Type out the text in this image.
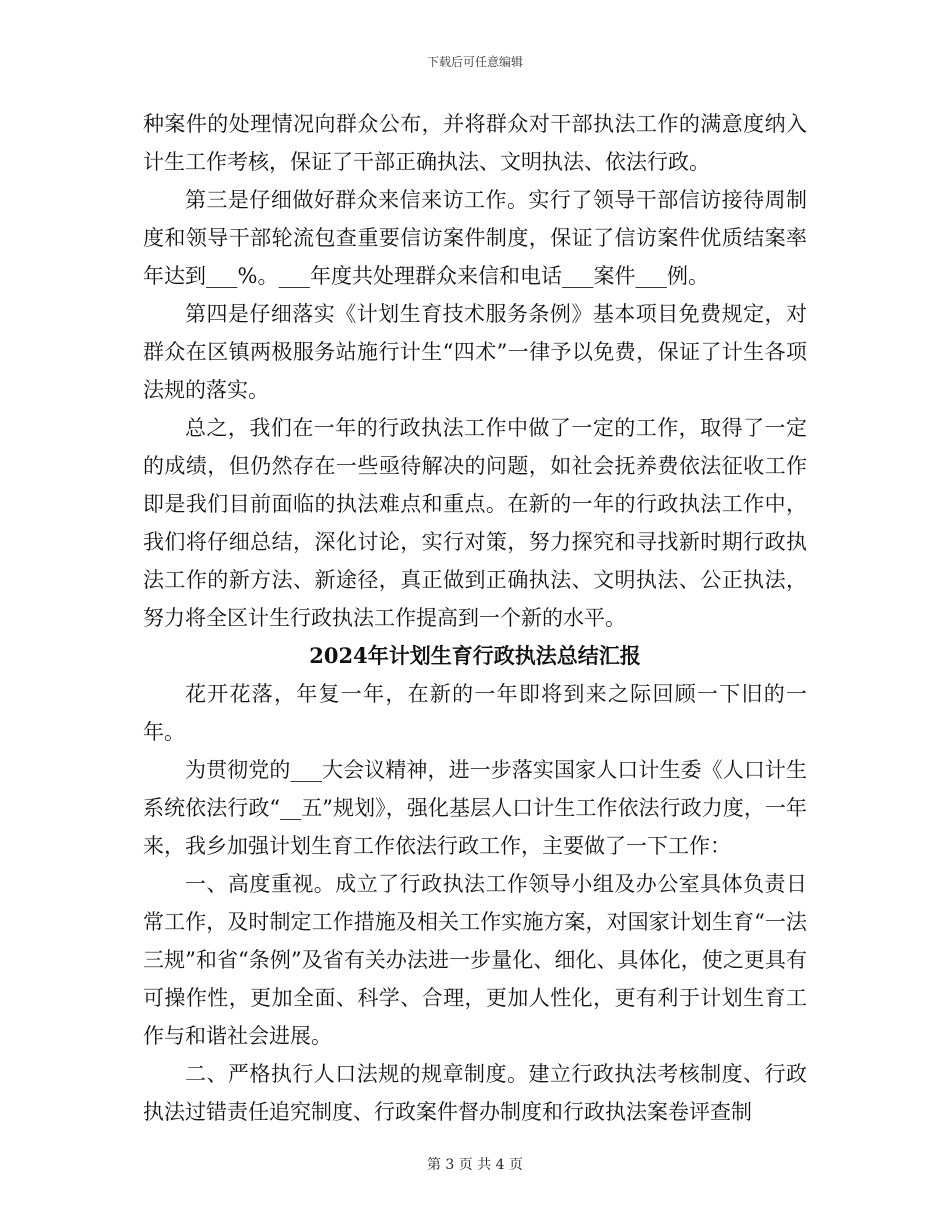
下载后可任意编辑

种案件的处理情况向群众公布，并将群众对干部执法工作的满意度纳入计生工作考核，保证了干部正确执法、文明执法、依法行政。

第三是仔细做好群众来信来访工作。实行了领导干部信访接待周制度和领导干部轮流包查重要信访案件制度，保证了信访案件优质结案率年达到___%。___年度共处理群众来信和电话___案件___例。

第四是仔细落实《计划生育技术服务条例》基本项目免费规定，对群众在区镇两极服务站施行计生“四术”一律予以免费，保证了计生各项法规的落实。

总之，我们在一年的行政执法工作中做了一定的工作，取得了一定的成绩，但仍然存在一些亟待解决的问题，如社会抚养费依法征收工作即是我们目前面临的执法难点和重点。在新的一年的行政执法工作中，我们将仔细总结，深化讨论，实行对策，努力探究和寻找新时期行政执法工作的新方法、新途径，真正做到正确执法、文明执法、公正执法，努力将全区计生行政执法工作提高到一个新的水平。

2024年计划生育行政执法总结汇报

花开花落，年复一年，在新的一年即将到来之际回顾一下旧的一年。

为贯彻党的___大会议精神，进一步落实国家人口计生委《人口计生系统依法行政“__五”规划》，强化基层人口计生工作依法行政力度，一年来，我乡加强计划生育工作依法行政工作，主要做了一下工作：

一、高度重视。成立了行政执法工作领导小组及办公室具体负责日常工作，及时制定工作措施及相关工作实施方案，对国家计划生育“一法三规”和省“条例”及省有关办法进一步量化、细化、具体化，使之更具有可操作性，更加全面、科学、合理，更加人性化，更有利于计划生育工作与和谐社会进展。

二、严格执行人口法规的规章制度。建立行政执法考核制度、行政执法过错责任追究制度、行政案件督办制度和行政执法案卷评查制

第 3 页 共 4 页
